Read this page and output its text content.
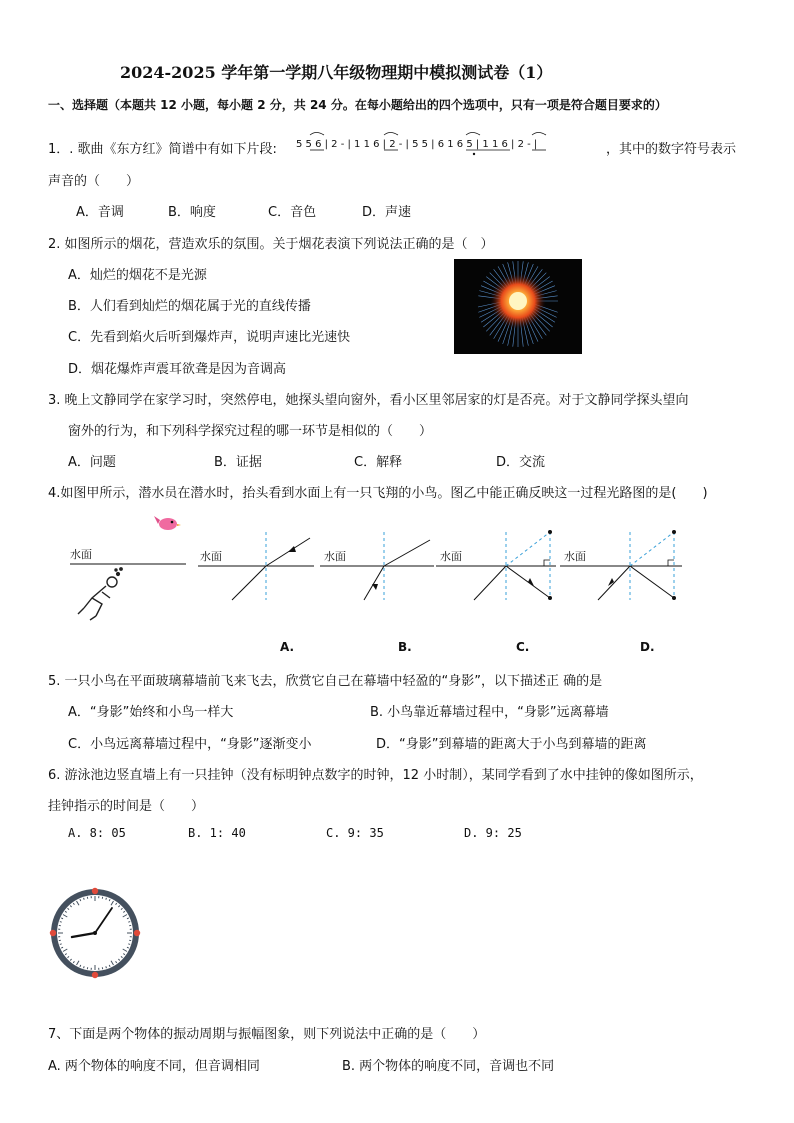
2024-2025 学年第一学期八年级物理期中模拟测试卷（1）
一、选择题（本题共 12 小题，每小题 2 分，共 24 分。在每小题给出的四个选项中，只有一项是符合题目要求的）
1．. 歌曲《东方红》简谱中有如下片段: 5 5 6 | 2 - | 1 1 6 | 2 - | 5 5 | 6 1 6 5 | 1 1 6 | 2 - |	，其中的数字符号表示
声音的（　　）
A．音调	B．响度	C．音色	D．声速
2. 如图所示的烟花，营造欢乐的氛围。关于烟花表演下列说法正确的是（　）
A．灿烂的烟花不是光源
B．人们看到灿烂的烟花属于光的直线传播
C．先看到焰火后听到爆炸声，说明声速比光速快
D．烟花爆炸声震耳欲聋是因为音调高
3. 晚上文静同学在家学习时，突然停电，她探头望向窗外，看小区里邻居家的灯是否亮。对于文静同学探头望向
窗外的行为，和下列科学探究过程的哪一环节是相似的（　　）
A．问题	B．证据	C．解释	D．交流
4.如图甲所示，潜水员在潜水时，抬头看到水面上有一只飞翔的小鸟。图乙中能正确反映这一过程光路图的是(　　)
水面	水面	水面	水面	水面
A.	B.	C.	D.
5. 一只小鸟在平面玻璃幕墙前飞来飞去，欣赏它自己在幕墙中轻盈的“身影”，以下描述正 确的是
A．“身影”始终和小鸟一样大	B. 小鸟靠近幕墙过程中，“身影”远离幕墙
C．小鸟远离幕墙过程中，“身影”逐渐变小	D．“身影”到幕墙的距离大于小鸟到幕墙的距离
6. 游泳池边竖直墙上有一只挂钟（没有标明钟点数字的时钟，12 小时制），某同学看到了水中挂钟的像如图所示，
挂钟指示的时间是（　　）
A. 8: 05	B. 1: 40	C. 9: 35	D. 9: 25
7、下面是两个物体的振动周期与振幅图象，则下列说法中正确的是（　　）
A. 两个物体的响度不同，但音调相同	B. 两个物体的响度不同，音调也不同
